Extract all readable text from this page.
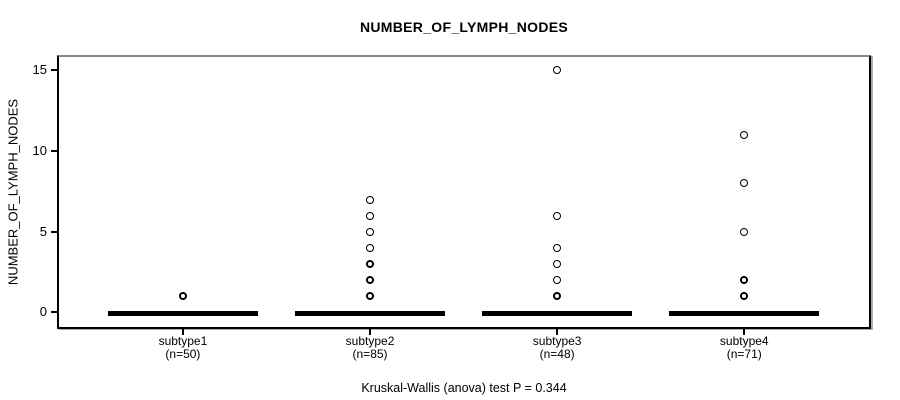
NUMBER_OF_LYMPH_NODES
NUMBER_OF_LYMPH_NODES
0
5
10
15
subtype1
(n=50)
subtype2
(n=85)
subtype3
(n=48)
subtype4
(n=71)
Kruskal-Wallis (anova) test P = 0.344
